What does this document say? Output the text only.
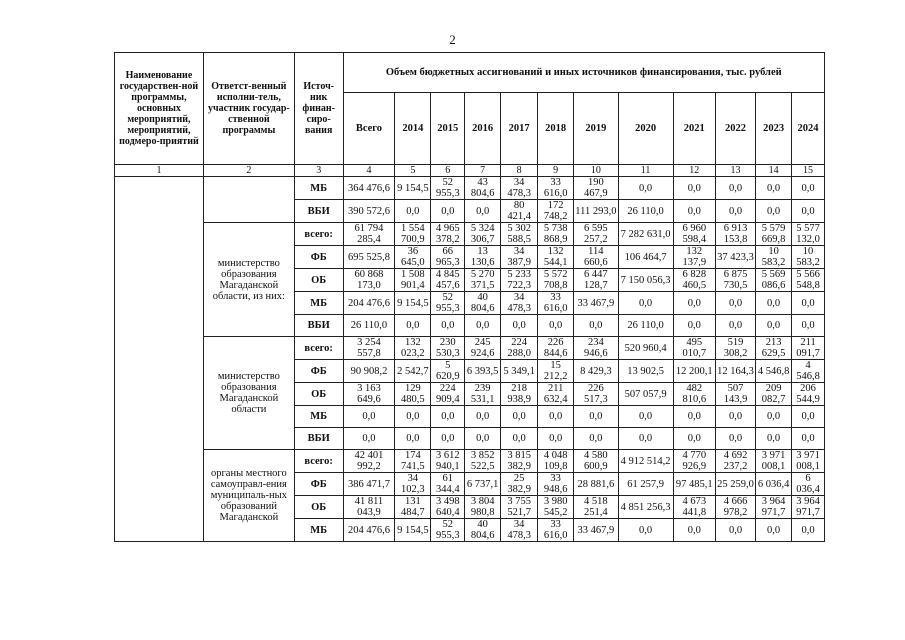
2
Наименование государствен-ной программы, основных мероприятий, мероприятий, подмеро-приятий	Ответст-венный исполни-тель, участник государ-ственной программы	Источ-ник финан-сиро-вания	Объем бюджетных ассигнований и иных источников финансирования, тыс. рублей											
			Всего	2014	2015	2016	2017	2018	2019	2020	2021	2022	2023	2024
1	2	3	4	5	6	7	8	9	10	11	12	13	14	15
		МБ	364 476,6	9 154,5	52 955,3	43 804,6	34 478,3	33 616,0	190 467,9	0,0	0,0	0,0	0,0	0,0
		ВБИ	390 572,6	0,0	0,0	0,0	80 421,4	172 748,2	111 293,0	26 110,0	0,0	0,0	0,0	0,0
	министерство образования Магаданской области, из них:	всего:	61 794 285,4	1 554 700,9	4 965 378,2	5 324 306,7	5 302 588,5	5 738 868,9	6 595 257,2	7 282 631,0	6 960 598,4	6 913 153,8	5 579 669,8	5 577 132,0
		ФБ	695 525,8	36 645,0	66 965,3	13 130,6	34 387,9	132 544,1	114 660,6	106 464,7	132 137,9	37 423,3	10 583,2	10 583,2
		ОБ	60 868 173,0	1 508 901,4	4 845 457,6	5 270 371,5	5 233 722,3	5 572 708,8	6 447 128,7	7 150 056,3	6 828 460,5	6 875 730,5	5 569 086,6	5 566 548,8
		МБ	204 476,6	9 154,5	52 955,3	40 804,6	34 478,3	33 616,0	33 467,9	0,0	0,0	0,0	0,0	0,0
		ВБИ	26 110,0	0,0	0,0	0,0	0,0	0,0	0,0	26 110,0	0,0	0,0	0,0	0,0
	министерство образования Магаданской области	всего:	3 254 557,8	132 023,2	230 530,3	245 924,6	224 288,0	226 844,6	234 946,6	520 960,4	495 010,7	519 308,2	213 629,5	211 091,7
		ФБ	90 908,2	2 542,7	5 620,9	6 393,5	5 349,1	15 212,2	8 429,3	13 902,5	12 200,1	12 164,3	4 546,8	4 546,8
		ОБ	3 163 649,6	129 480,5	224 909,4	239 531,1	218 938,9	211 632,4	226 517,3	507 057,9	482 810,6	507 143,9	209 082,7	206 544,9
		МБ	0,0	0,0	0,0	0,0	0,0	0,0	0,0	0,0	0,0	0,0	0,0	0,0
		ВБИ	0,0	0,0	0,0	0,0	0,0	0,0	0,0	0,0	0,0	0,0	0,0	0,0
	органы местного самоуправл-ения муниципаль-ных образований Магаданской	всего:	42 401 992,2	174 741,5	3 612 940,1	3 852 522,5	3 815 382,9	4 048 109,8	4 580 600,9	4 912 514,2	4 770 926,9	4 692 237,2	3 971 008,1	3 971 008,1
		ФБ	386 471,7	34 102,3	61 344,4	6 737,1	25 382,9	33 948,6	28 881,6	61 257,9	97 485,1	25 259,0	6 036,4	6 036,4
		ОБ	41 811 043,9	131 484,7	3 498 640,4	3 804 980,8	3 755 521,7	3 980 545,2	4 518 251,4	4 851 256,3	4 673 441,8	4 666 978,2	3 964 971,7	3 964 971,7
		МБ	204 476,6	9 154,5	52 955,3	40 804,6	34 478,3	33 616,0	33 467,9	0,0	0,0	0,0	0,0	0,0
